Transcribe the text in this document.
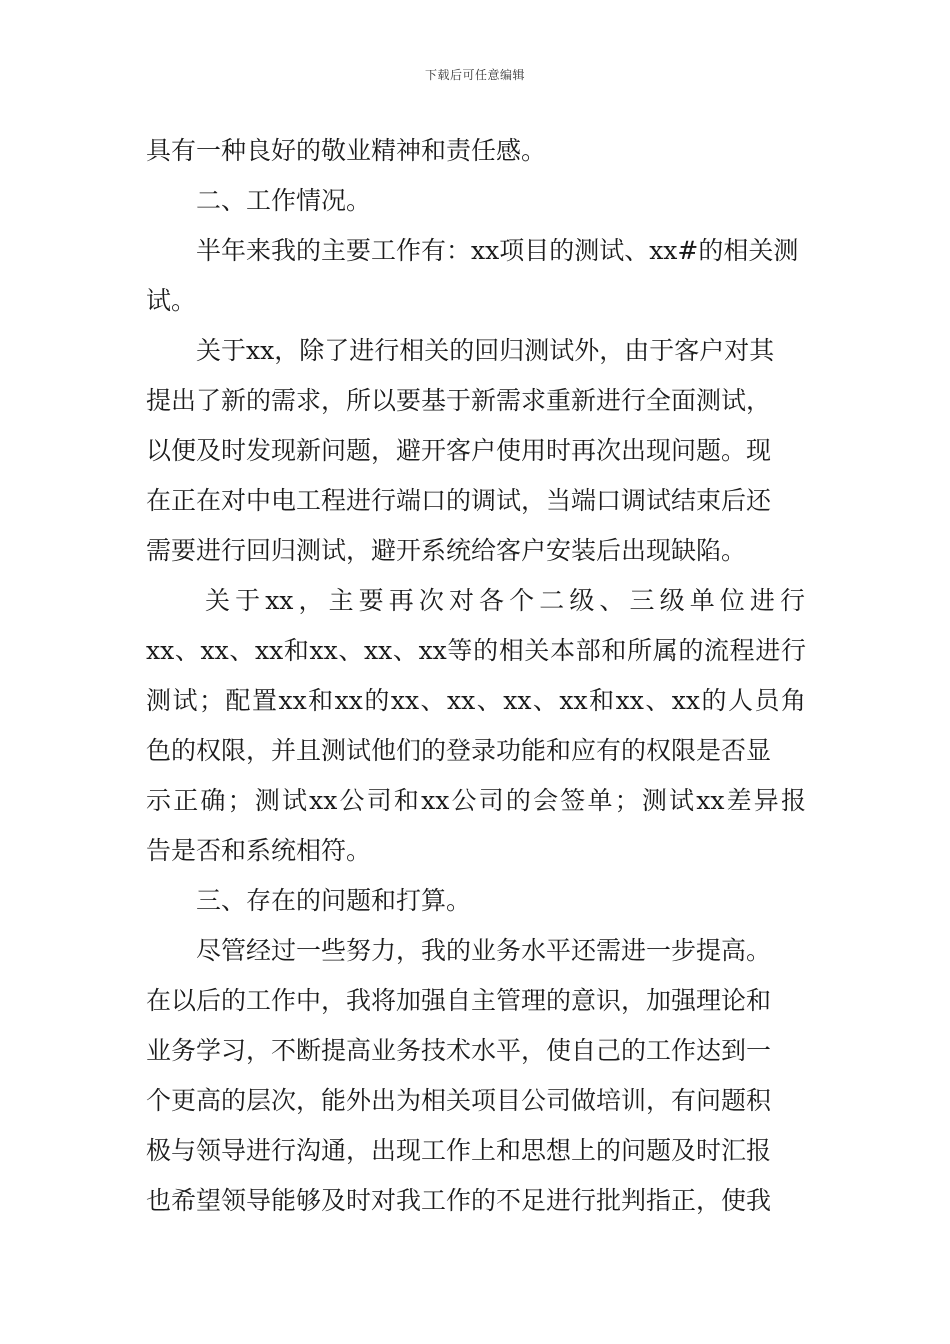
下载后可任意编辑
具有一种良好的敬业精神和责任感。
二、工作情况。
半年来我的主要工作有：xx项目的测试、xx#的相关测
试。
关于xx，除了进行相关的回归测试外，由于客户对其
提出了新的需求，所以要基于新需求重新进行全面测试，
以便及时发现新问题，避开客户使用时再次出现问题。现
在正在对中电工程进行端口的调试，当端口调试结束后还
需要进行回归测试，避开系统给客户安装后出现缺陷。
关于xx，主要再次对各个二级、三级单位进行
xx、xx、xx和xx、xx、xx等的相关本部和所属的流程进行
测试；配置xx和xx的xx、xx、xx、xx和xx、xx的人员角
色的权限，并且测试他们的登录功能和应有的权限是否显
示正确；测试xx公司和xx公司的会签单；测试xx差异报
告是否和系统相符。
三、存在的问题和打算。
尽管经过一些努力，我的业务水平还需进一步提高。
在以后的工作中，我将加强自主管理的意识，加强理论和
业务学习，不断提高业务技术水平，使自己的工作达到一
个更高的层次，能外出为相关项目公司做培训，有问题积
极与领导进行沟通，出现工作上和思想上的问题及时汇报
也希望领导能够及时对我工作的不足进行批判指正，使我
